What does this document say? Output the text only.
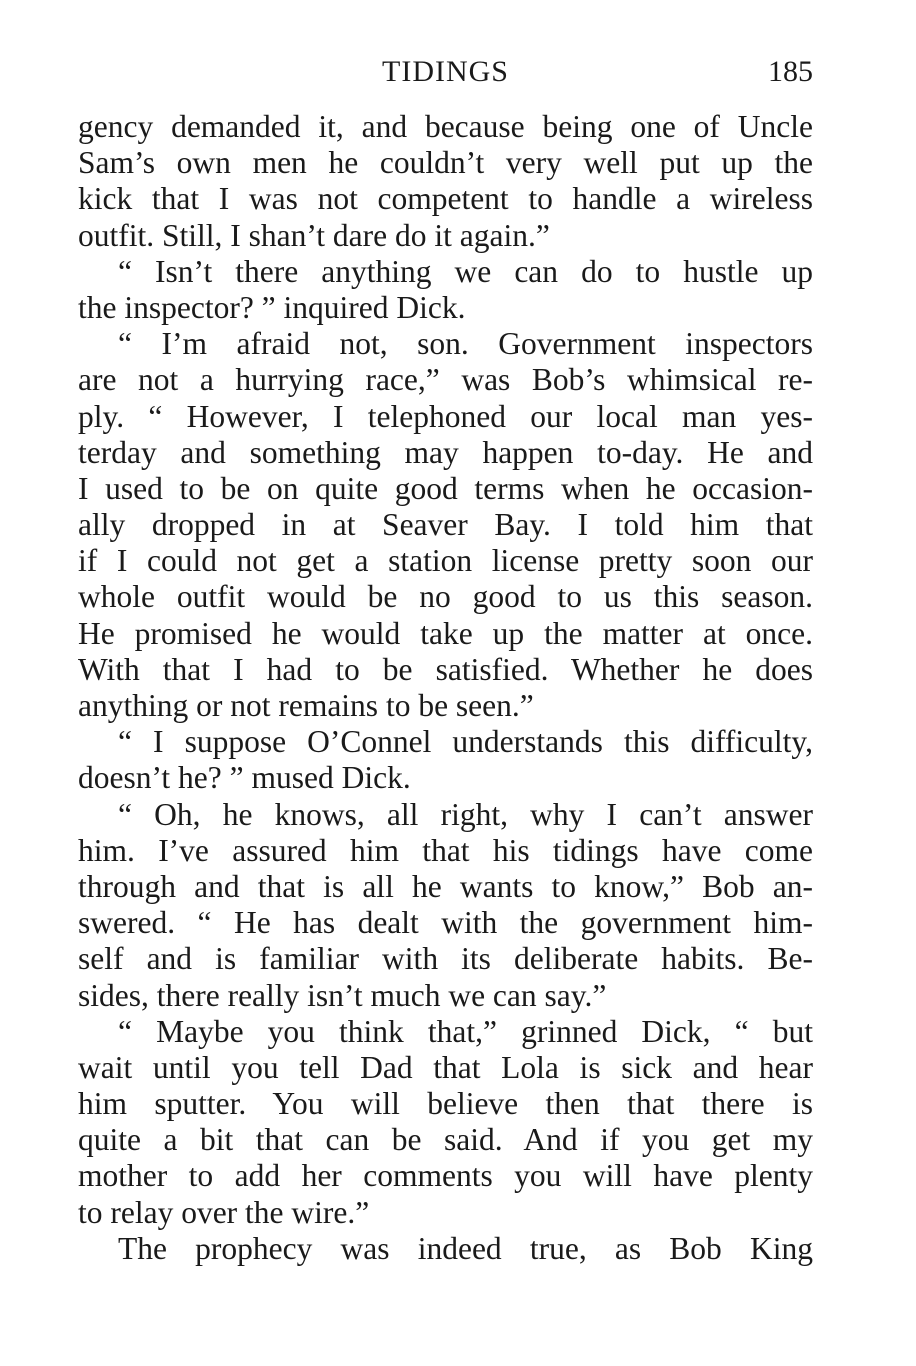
TIDINGS	185
gency demanded it, and because being one of Uncle
Sam’s own men he couldn’t very well put up the
kick that I was not competent to handle a wireless
outfit. Still, I shan’t dare do it again.”
“ Isn’t there anything we can do to hustle up
the inspector? ” inquired Dick.
“ I’m afraid not, son. Government inspectors
are not a hurrying race,” was Bob’s whimsical re-
ply. “ However, I telephoned our local man yes-
terday and something may happen to-day. He and
I used to be on quite good terms when he occasion-
ally dropped in at Seaver Bay. I told him that
if I could not get a station license pretty soon our
whole outfit would be no good to us this season.
He promised he would take up the matter at once.
With that I had to be satisfied. Whether he does
anything or not remains to be seen.”
“ I suppose O’Connel understands this difficulty,
doesn’t he? ” mused Dick.
“ Oh, he knows, all right, why I can’t answer
him. I’ve assured him that his tidings have come
through and that is all he wants to know,” Bob an-
swered. “ He has dealt with the government him-
self and is familiar with its deliberate habits. Be-
sides, there really isn’t much we can say.”
“ Maybe you think that,” grinned Dick, “ but
wait until you tell Dad that Lola is sick and hear
him sputter. You will believe then that there is
quite a bit that can be said. And if you get my
mother to add her comments you will have plenty
to relay over the wire.”
The prophecy was indeed true, as Bob King
